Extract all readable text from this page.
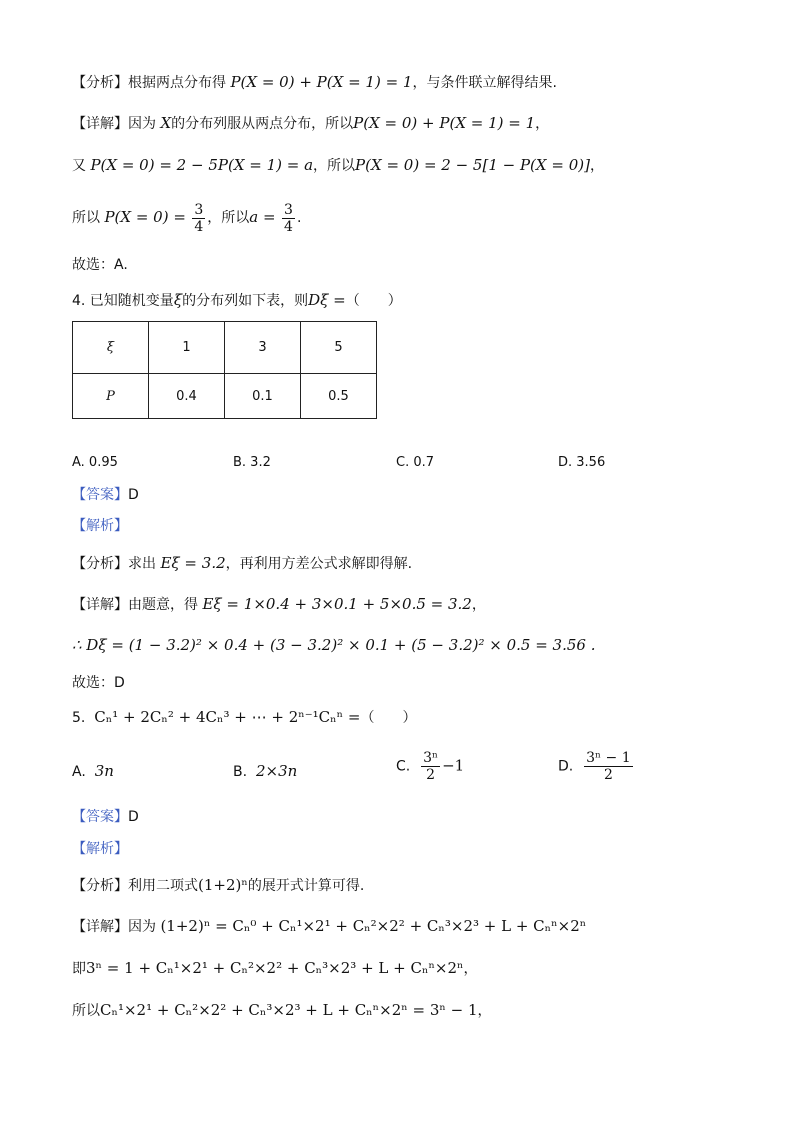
【分析】根据两点分布得 P(X = 0) + P(X = 1) = 1，与条件联立解得结果.
【详解】因为 X的分布列服从两点分布，所以P(X = 0) + P(X = 1) = 1，
又 P(X = 0) = 2 − 5P(X = 1) = a，所以P(X = 0) = 2 − 5[1 − P(X = 0)]，
所以 $P(X = 0) = \frac{3}{4}$ ，所以$a = \frac{3}{4}$ .
故选：A.
4. 已知随机变量ξ的分布列如下表，则Dξ =（　　）
ξ	1	3	5
P	0.4	0.1	0.5
A. 0.95	B. 3.2	C. 0.7	D. 3.56
【答案】D
【解析】
【分析】求出 Eξ = 3.2，再利用方差公式求解即得解.
【详解】由题意，得 Eξ = 1×0.4 + 3×0.1 + 5×0.5 = 3.2，
∴ Dξ = (1 − 3.2)² × 0.4 + (3 − 3.2)² × 0.1 + (5 − 3.2)² × 0.5 = 3.56 .
故选：D
5. Cₙ¹ + 2Cₙ² + 4Cₙ³ + ⋯ + 2ⁿ⁻¹Cₙⁿ =（　　）
A. 3n	B. 2×3n	C. $\frac{\text{3ⁿ}}{2} -1$	D. $\frac{\text{3ⁿ − 1}}{2}$
【答案】D
【解析】
【分析】利用二项式(1+2)ⁿ的展开式计算可得.
【详解】因为 (1+2)ⁿ = Cₙ⁰ + Cₙ¹×2¹ + Cₙ²×2² + Cₙ³×2³ + L + Cₙⁿ×2ⁿ
即3ⁿ = 1 + Cₙ¹×2¹ + Cₙ²×2² + Cₙ³×2³ + L + Cₙⁿ×2ⁿ，
所以Cₙ¹×2¹ + Cₙ²×2² + Cₙ³×2³ + L + Cₙⁿ×2ⁿ = 3ⁿ − 1，
